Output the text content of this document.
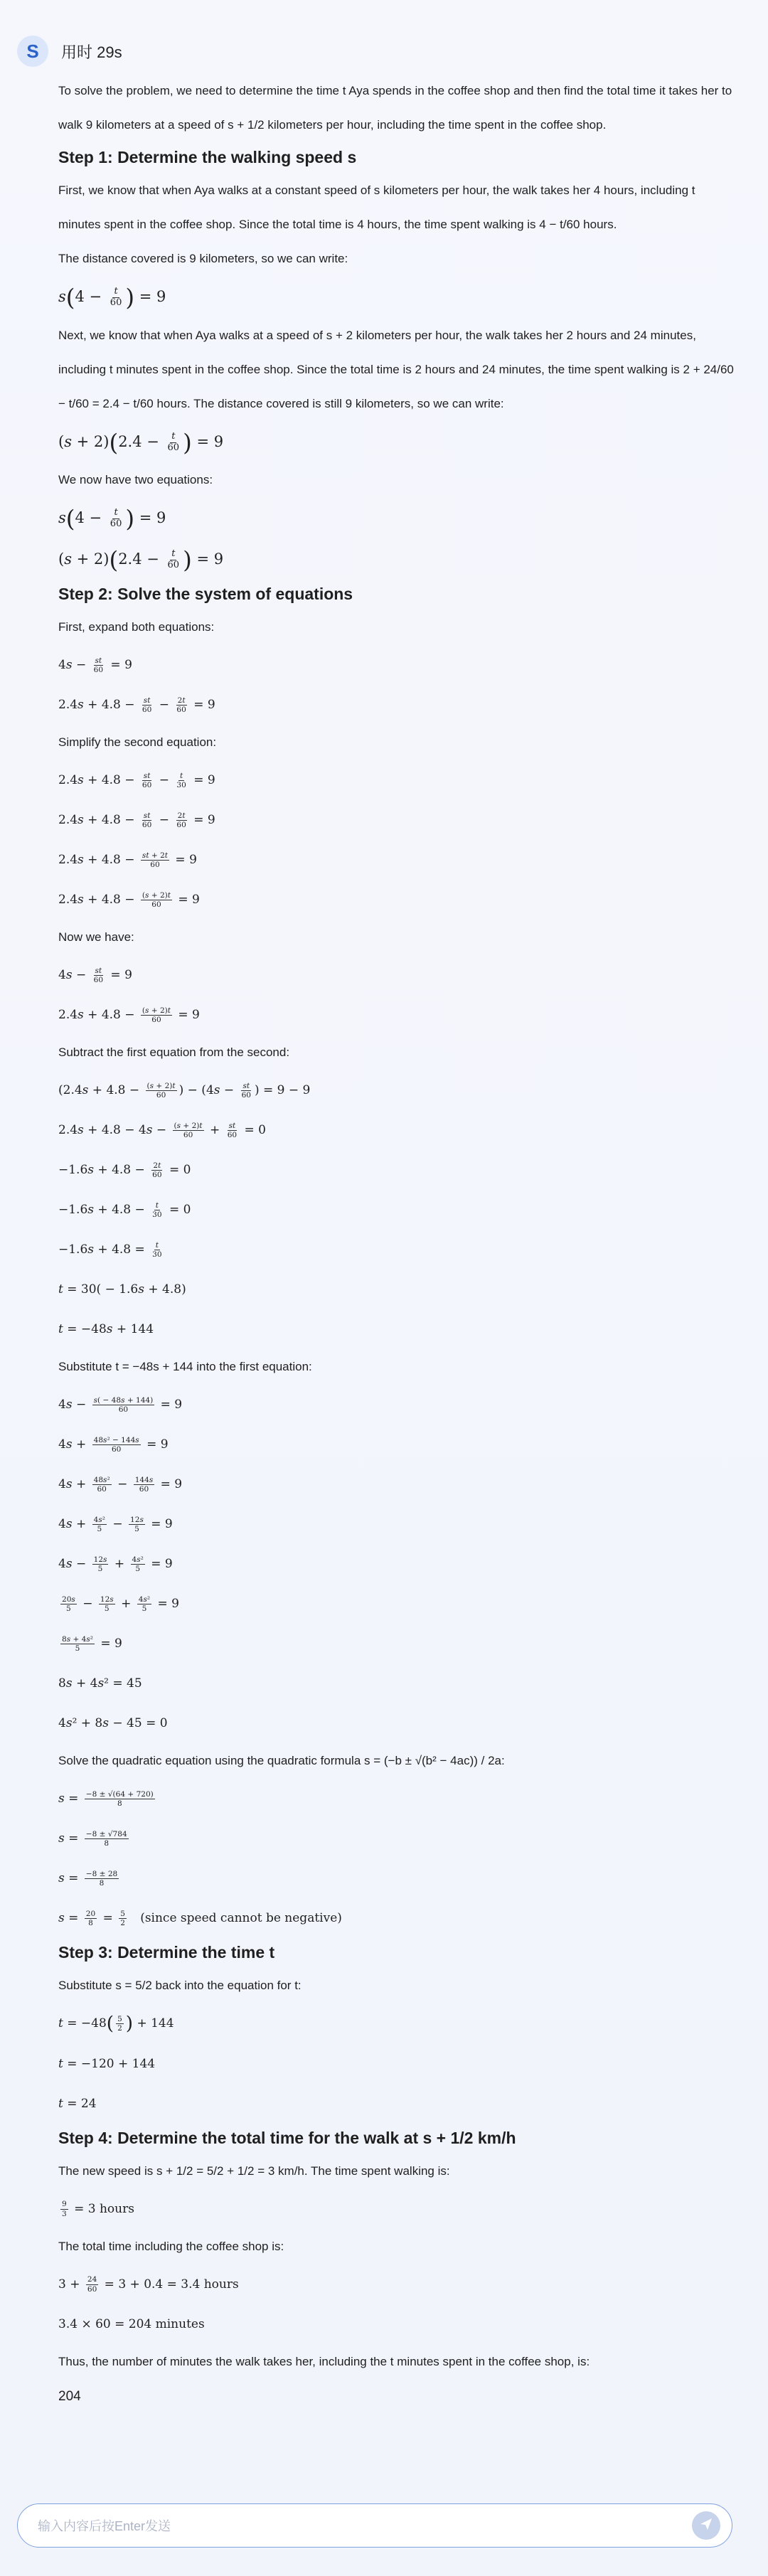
S	用时 29s

To solve the problem, we need to determine the time t Aya spends in the coffee shop and then find the total time it takes her to walk 9 kilometers at a speed of s + 1/2 kilometers per hour, including the time spent in the coffee shop.

Step 1: Determine the walking speed s

First, we know that when Aya walks at a constant speed of s kilometers per hour, the walk takes her 4 hours, including t minutes spent in the coffee shop. Since the total time is 4 hours, the time spent walking is 4 − t/60 hours.

The distance covered is 9 kilometers, so we can write:

$s(4 - \frac{t}{60}$ ) = 9

Next, we know that when Aya walks at a speed of s + 2 kilometers per hour, the walk takes her 2 hours and 24 minutes, including t minutes spent in the coffee shop. Since the total time is 2 hours and 24 minutes, the time spent walking is 2 + 24/60 − t/60 = 2.4 − t/60 hours. The distance covered is still 9 kilometers, so we can write:

$(s + 2)(2.4 - \frac{t}{60}$ ) = 9

We now have two equations:

$s(4 - \frac{t}{60}$ ) = 9
$(s + 2)(2.4 - \frac{t}{60}$ ) = 9
Step 2: Solve the system of equations

First, expand both equations:

$4s - \frac{st}{60} = 9$
$2.4s + 4.8 - \frac{st}{60} - \frac{2t}{60} = 9$

Simplify the second equation:

$2.4s + 4.8 - \frac{st}{60} - \frac{t}{30} = 9$
$2.4s + 4.8 - \frac{st}{60} - \frac{2t}{60} = 9$
$2.4s + 4.8 - \frac{st + 2t}{60} = 9$
$2.4s + 4.8 - \frac{(s + 2)t}{60} = 9$

Now we have:

$4s - \frac{st}{60} = 9$
$2.4s + 4.8 - \frac{(s + 2)t}{60} = 9$

Subtract the first equation from the second:

($2.4s + 4.8 - \frac{(s + 2)t}{60}$ ) − ($4s - \frac{st}{60}$ ) = 9 − 9
$2.4s + 4.8 - 4s - \frac{(s + 2)t}{60} + \frac{st}{60} = 0$
$-1.6s + 4.8 - \frac{2t}{60} = 0$
$-1.6s + 4.8 - \frac{t}{30} = 0$
$-1.6s + 4.8 = \frac{t}{30}$
t = 30( − 1.6s + 4.8)
t = −48s + 144

Substitute t = −48s + 144 into the first equation:

$4s - \frac{s( - 48s + 144)}{60} = 9$
$4s + \frac{\text{48s² − 144s}}{60} = 9$
$4s + \frac{\text{48s²}}{60} - \frac{144s}{60} = 9$
$4s + \frac{\text{4s²}}{5} - \frac{12s}{5} = 9$
$4s - \frac{12s}{5} + \frac{\text{4s²}}{5} = 9$
$\frac{20s}{5} - \frac{12s}{5} + \frac{\text{4s²}}{5} = 9$
$\frac{\text{8s + 4s²}}{5} = 9$
8s + 4s² = 45
4s² + 8s − 45 = 0

Solve the quadratic equation using the quadratic formula s = (−b ± √(b² − 4ac)) / 2a:

$s = \frac{-8 \pm √(64 + 720)}{8}$
$s = \frac{-8 \pm √784}{8}$
$s = \frac{-8 \pm 28}{8}$
$s = \frac{20}{8} = \frac{5}{2}$ (since speed cannot be negative)
Step 3: Determine the time t

Substitute s = 5/2 back into the equation for t:

$t = -48( \frac{5}{2}$ ) + 144
t = −120 + 144
t = 24
Step 4: Determine the total time for the walk at s + 1/2 km/h

The new speed is s + 1/2 = 5/2 + 1/2 = 3 km/h. The time spent walking is:

$\frac{9}{3} = 3$ hours

The total time including the coffee shop is:

$3 + \frac{24}{60} = 3 + 0.4 = 3.4$ hours
3.4 × 60 = 204 minutes

Thus, the number of minutes the walk takes her, including the t minutes spent in the coffee shop, is:

204
输入内容后按Enter发送
